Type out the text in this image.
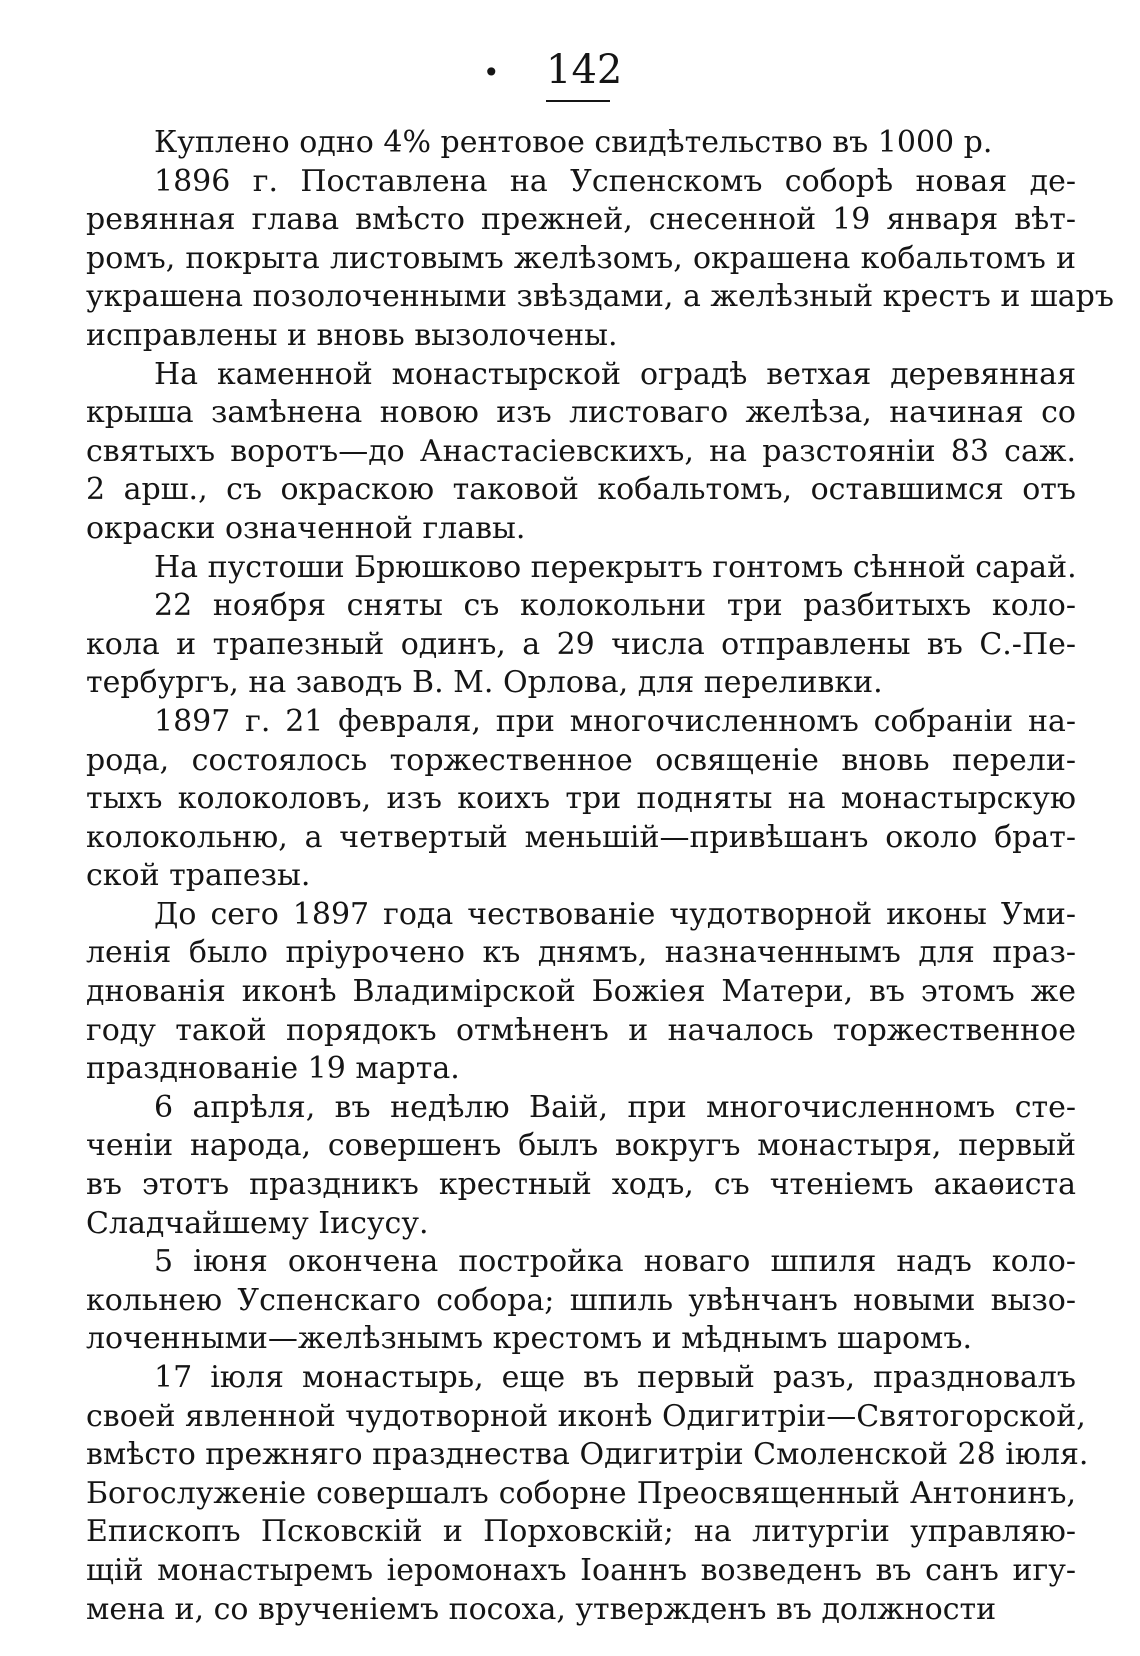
• 142

Куплено одно 4% рентовое свидѣтельство въ 1000 р.

1896 г. Поставлена на Успенскомъ соборѣ новая де-
ревянная глава вмѣсто прежней, снесенной 19 января вѣт-
ромъ, покрыта листовымъ желѣзомъ, окрашена кобальтомъ и
украшена позолоченными звѣздами, а желѣзный крестъ и шаръ
исправлены и вновь вызолочены.

На каменной монастырской оградѣ ветхая деревянная
крыша замѣнена новою изъ листоваго желѣза, начиная со
святыхъ воротъ—до Анастасіевскихъ, на разстояніи 83 саж.
2 арш., съ окраскою таковой кобальтомъ, оставшимся отъ
окраски означенной главы.

На пустоши Брюшково перекрытъ гонтомъ сѣнной сарай.

22 ноября сняты съ колокольни три разбитыхъ коло-
кола и трапезный одинъ, а 29 числа отправлены въ С.-Пе-
тербургъ, на заводъ В. М. Орлова, для переливки.

1897 г. 21 февраля, при многочисленномъ собраніи на-
рода, состоялось торжественное освященіе вновь перели-
тыхъ колоколовъ, изъ коихъ три подняты на монастырскую
колокольню, а четвертый меньшій—привѣшанъ около брат-
ской трапезы.

До сего 1897 года чествованіе чудотворной иконы Уми-
ленія было пріурочено къ днямъ, назначеннымъ для праз-
днованія иконѣ Владимірской Божіея Матери, въ этомъ же
году такой порядокъ отмѣненъ и началось торжественное
празднованіе 19 марта.

6 апрѣля, въ недѣлю Ваій, при многочисленномъ сте-
ченіи народа, совершенъ былъ вокругъ монастыря, первый
въ этотъ праздникъ крестный ходъ, съ чтеніемъ акаѳиста
Сладчайшему Іисусу.

5 іюня окончена постройка новаго шпиля надъ коло-
кольнею Успенскаго собора; шпиль увѣнчанъ новыми вызо-
лоченными—желѣзнымъ крестомъ и мѣднымъ шаромъ.

17 іюля монастырь, еще въ первый разъ, праздновалъ
своей явленной чудотворной иконѣ Одигитріи—Святогорской,
вмѣсто прежняго празднества Одигитріи Смоленской 28 іюля.
Богослуженіе совершалъ соборне Преосвященный Антонинъ,
Епископъ Псковскій и Порховскій; на литургіи управляю-
щій монастыремъ іеромонахъ Іоаннъ возведенъ въ санъ игу-
мена и, со врученіемъ посоха, утвержденъ въ должности
